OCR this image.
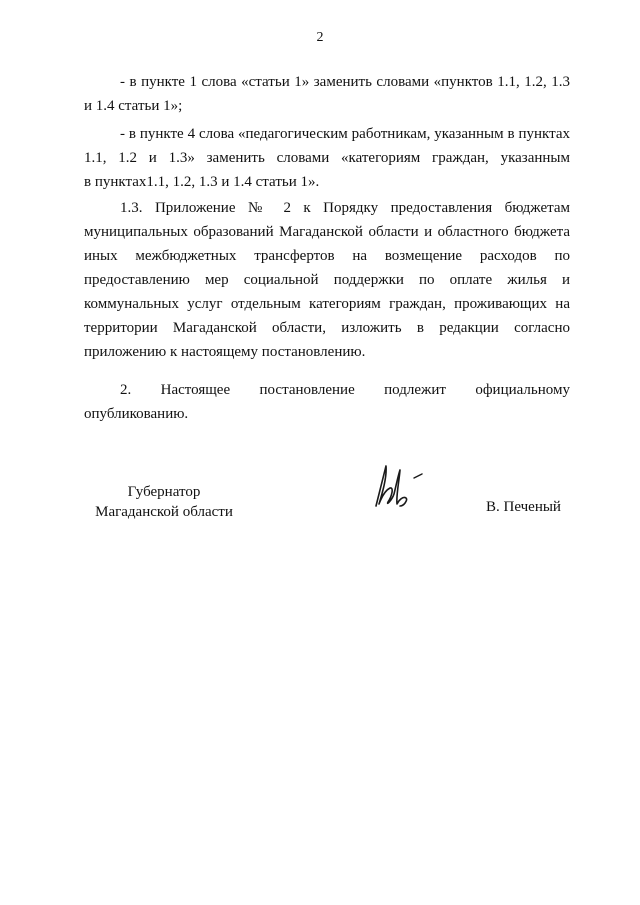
2

- в пункте 1 слова «статьи 1» заменить словами «пунктов 1.1, 1.2, 1.3

и 1.4 статьи 1»;

- в пункте 4 слова «педагогическим работникам, указанным в пунктах

1.1, 1.2 и 1.3» заменить словами «категориям граждан, указанным

в пунктах1.1, 1.2, 1.3 и 1.4 статьи 1».

1.3. Приложение № 2 к Порядку предоставления бюджетам

муниципальных образований Магаданской области и областного бюджета

иных межбюджетных трансфертов на возмещение расходов по

предоставлению мер социальной поддержки по оплате жилья и

коммунальных услуг отдельным категориям граждан, проживающих на

территории Магаданской области, изложить в редакции согласно

приложению к настоящему постановлению.

2. Настоящее постановление подлежит официальному

опубликованию.

Губернатор
Магаданской области	В. Печеный
